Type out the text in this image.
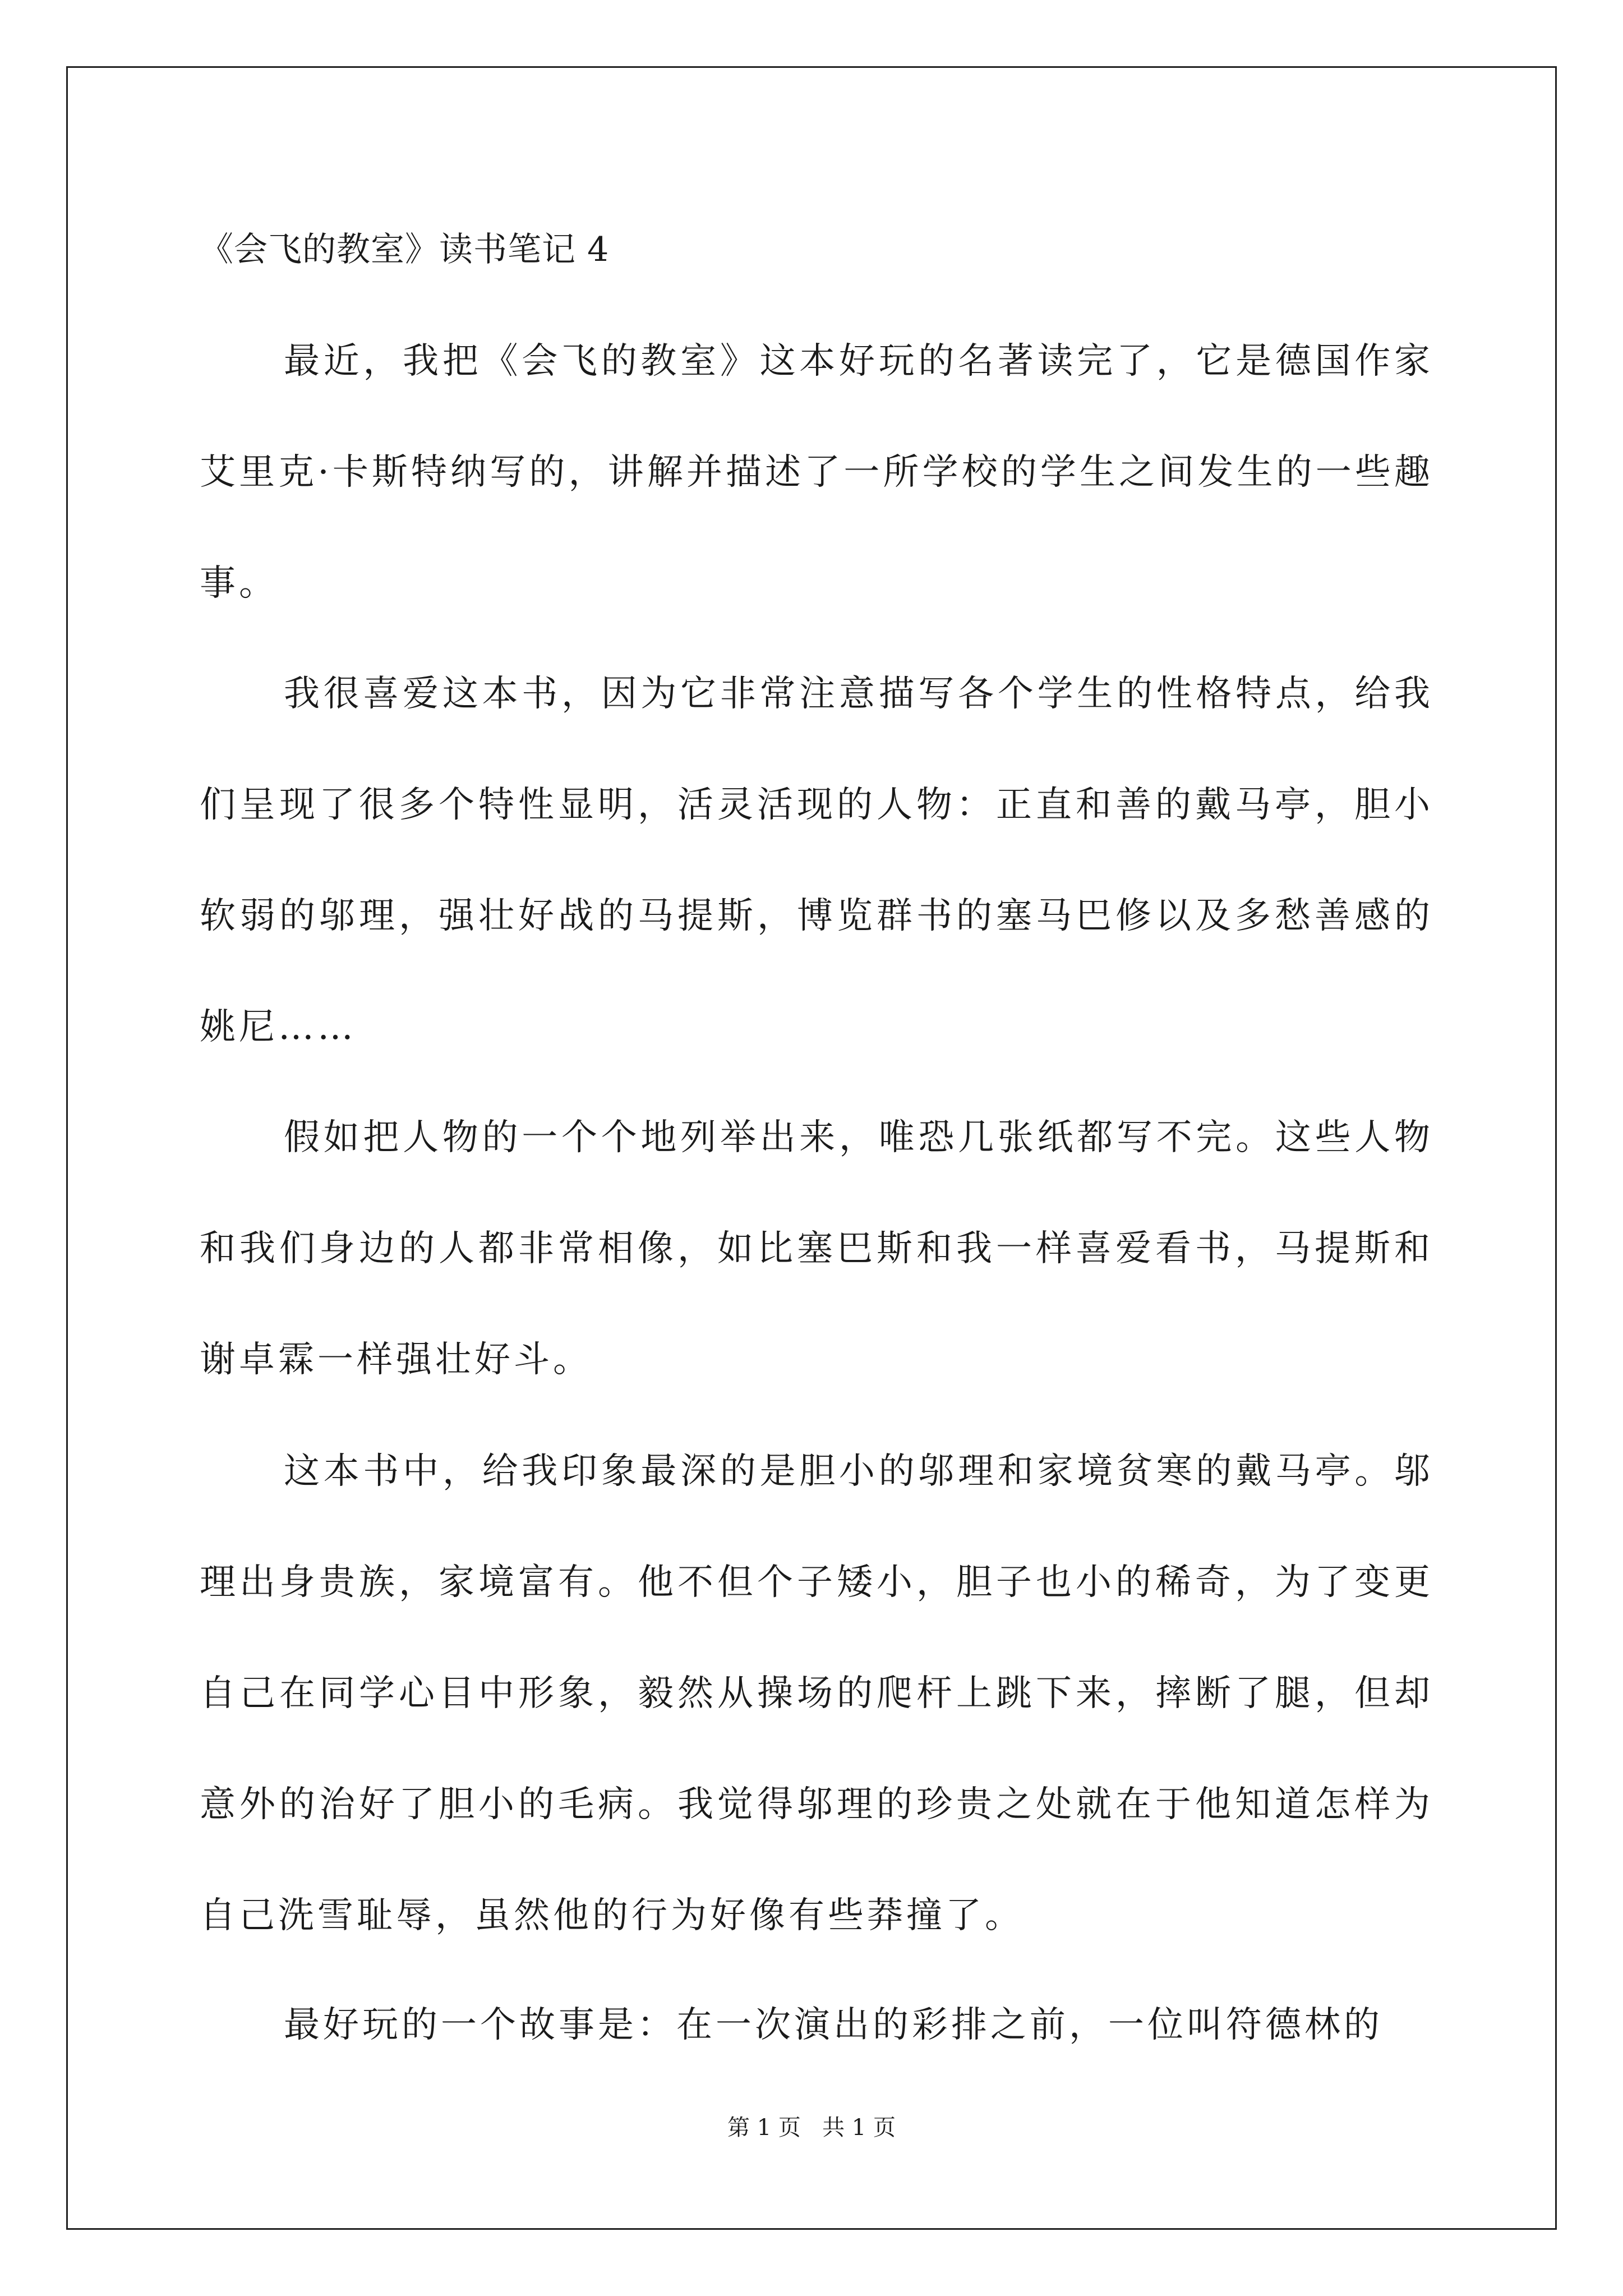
《会飞的教室》读书笔记 4

最近，我把《会飞的教室》这本好玩的名著读完了，它是德国作家艾里克·卡斯特纳写的，讲解并描述了一所学校的学生之间发生的一些趣事。

我很喜爱这本书，因为它非常注意描写各个学生的性格特点，给我们呈现了很多个特性显明，活灵活现的人物：正直和善的戴马亭，胆小软弱的邬理，强壮好战的马提斯，博览群书的塞马巴修以及多愁善感的姚尼……

假如把人物的一个个地列举出来，唯恐几张纸都写不完。这些人物和我们身边的人都非常相像，如比塞巴斯和我一样喜爱看书，马提斯和谢卓霖一样强壮好斗。

这本书中，给我印象最深的是胆小的邬理和家境贫寒的戴马亭。邬理出身贵族，家境富有。他不但个子矮小，胆子也小的稀奇，为了变更自己在同学心目中形象，毅然从操场的爬杆上跳下来，摔断了腿，但却意外的治好了胆小的毛病。我觉得邬理的珍贵之处就在于他知道怎样为自己洗雪耻辱，虽然他的行为好像有些莽撞了。

最好玩的一个故事是：在一次演出的彩排之前，一位叫符德林的

第 1 页   共 1 页
